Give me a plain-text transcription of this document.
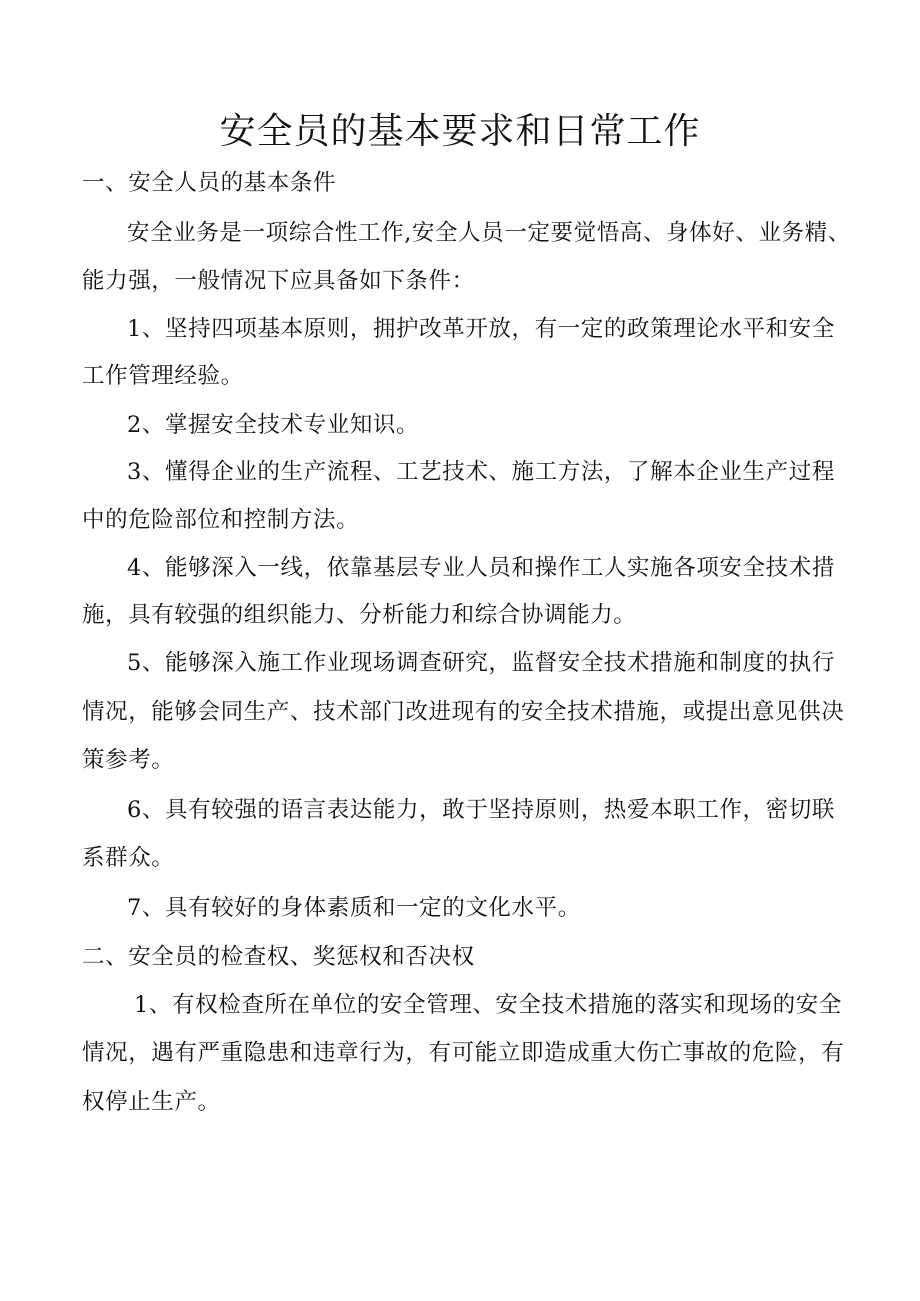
安全员的基本要求和日常工作
一、安全人员的基本条件
安全业务是一项综合性工作,安全人员一定要觉悟高、身体好、业务精、
能力强，一般情况下应具备如下条件：
1、坚持四项基本原则，拥护改革开放，有一定的政策理论水平和安全
工作管理经验。
2、掌握安全技术专业知识。
3、懂得企业的生产流程、工艺技术、施工方法，了解本企业生产过程
中的危险部位和控制方法。
4、能够深入一线，依靠基层专业人员和操作工人实施各项安全技术措
施，具有较强的组织能力、分析能力和综合协调能力。
5、能够深入施工作业现场调查研究，监督安全技术措施和制度的执行
情况，能够会同生产、技术部门改进现有的安全技术措施，或提出意见供决
策参考。
6、具有较强的语言表达能力，敢于坚持原则，热爱本职工作，密切联
系群众。
7、具有较好的身体素质和一定的文化水平。
二、安全员的检查权、奖惩权和否决权
1、有权检查所在单位的安全管理、安全技术措施的落实和现场的安全
情况，遇有严重隐患和违章行为，有可能立即造成重大伤亡事故的危险，有
权停止生产。
